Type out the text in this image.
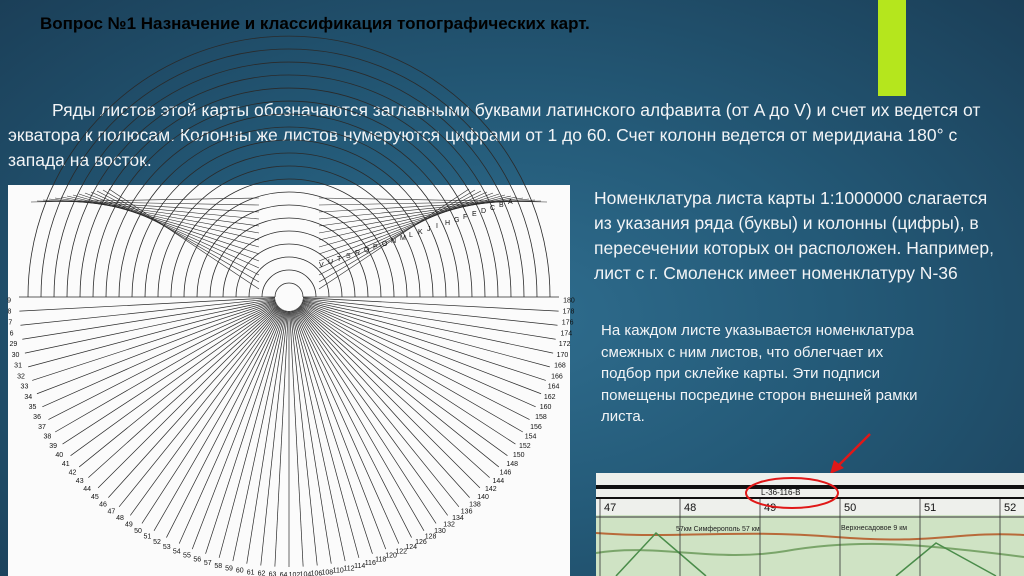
Вопрос №1 Назначение и классификация топографических карт.
Ряды листов этой карты обозначаются заглавными буквами латинского алфавита (от A до V) и счет их ведется от экватора к полюсам. Колонны же листов нумеруются цифрами от 1 до 60. Счет колонн ведется от меридиана 180° с запада на восток.
9
8
7
6
29
30
31
32
33
34
35
36
37
38
39
40
41
42
43
44
45
46
47
48
49
50
51
52
53
54
55
56 57 58 59 60 61 62 63 64
180
178
176
174
172
170
168
166
164
162
160
158
156
154
152
150
148
146
144
142
140
138
136
134
132
130
128
126
124
122
120
118
116
114
112
110
108
106
104
102
V U T S R Q P O N M L K J I H G F E D C B A	Номенклатура листа карты 1:1000000 слагается из указания ряда (буквы) и колонны (цифры), в пересечении которых он расположен. Например, лист с г. Смоленск имеет номенклатуру N-36
На каждом листе указывается номенклатура смежных с ним листов, что облегчает их подбор при склейке карты. Эти подписи помещены посредине сторон внешней рамки листа.
47	48	49	50	51	52
L-36-116-B
57км Симферополь 57 км	Верхнесадовое 9 км
